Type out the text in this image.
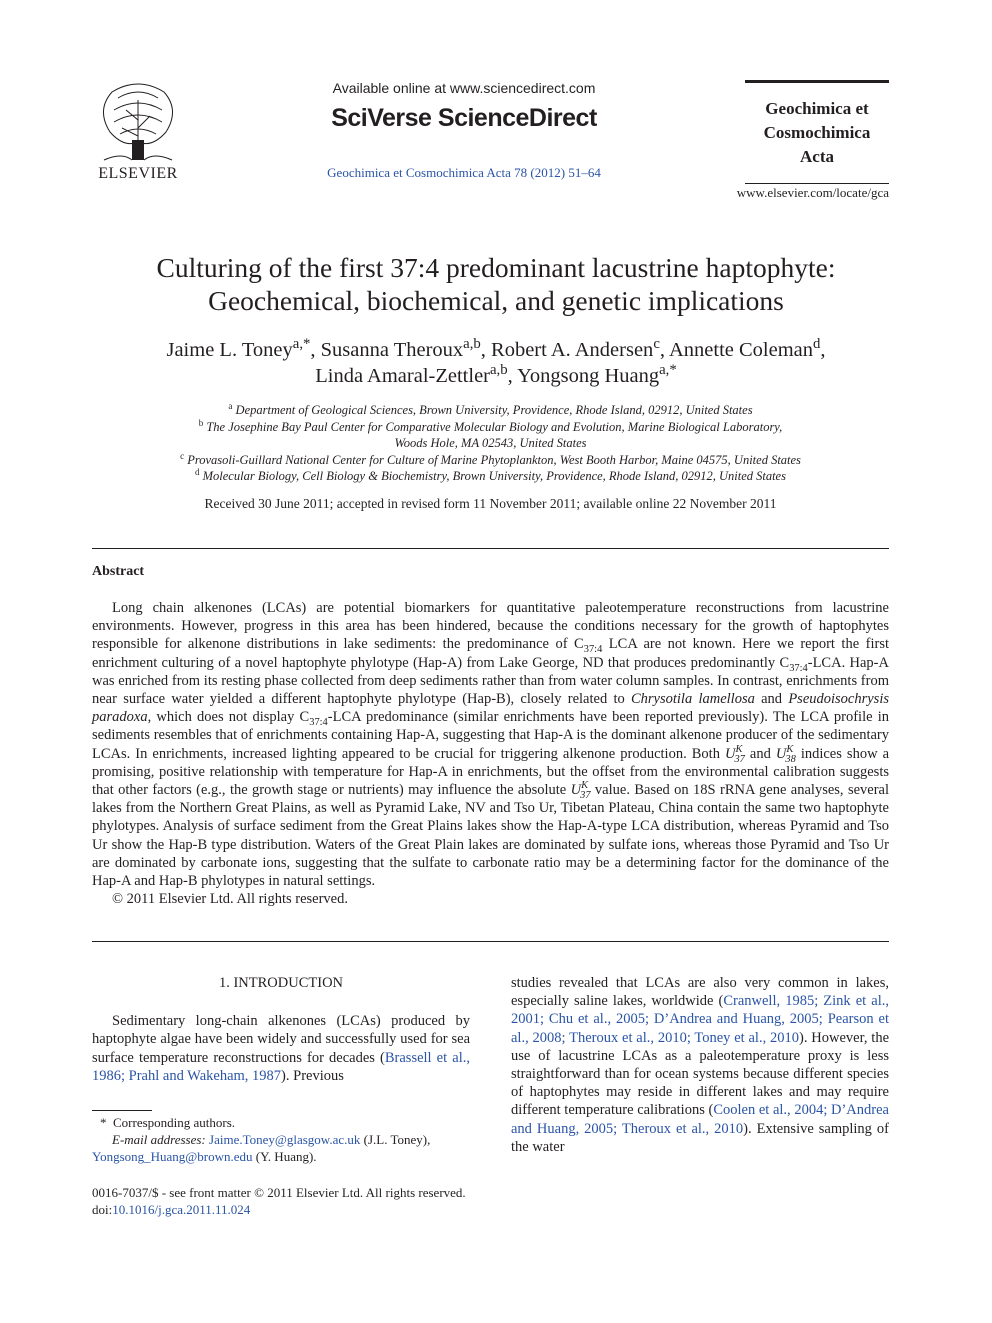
ELSEVIER
Available online at www.sciencedirect.com
SciVerse ScienceDirect
Geochimica et Cosmochimica Acta 78 (2012) 51–64
Geochimica et
Cosmochimica
Acta
www.elsevier.com/locate/gca
Culturing of the first 37:4 predominant lacustrine haptophyte:
Geochemical, biochemical, and genetic implications
Jaime L. Toney$^{a,*}$, Susanna Theroux$^{a,b}$, Robert A. Andersen$^c$, Annette Coleman$^d$,
Linda Amaral-Zettler$^{a,b}$, Yongsong Huang$^{a,*}$
$^a$ Department of Geological Sciences, Brown University, Providence, Rhode Island, 02912, United States
$^b$ The Josephine Bay Paul Center for Comparative Molecular Biology and Evolution, Marine Biological Laboratory,
Woods Hole, MA 02543, United States
$^c$ Provasoli-Guillard National Center for Culture of Marine Phytoplankton, West Booth Harbor, Maine 04575, United States
$^d$ Molecular Biology, Cell Biology & Biochemistry, Brown University, Providence, Rhode Island, 02912, United States
Received 30 June 2011; accepted in revised form 11 November 2011; available online 22 November 2011
Abstract

Long chain alkenones (LCAs) are potential biomarkers for quantitative paleotemperature reconstructions from lacustrine environments. However, progress in this area has been hindered, because the conditions necessary for the growth of haptophytes responsible for alkenone distributions in lake sediments: the predominance of $C_{37:4}$ LCA are not known. Here we report the first enrichment culturing of a novel haptophyte phylotype (Hap-A) from Lake George, ND that produces predominantly $C_{37:4}$-LCA. Hap-A was enriched from its resting phase collected from deep sediments rather than from water column samples. In contrast, enrichments from near surface water yielded a different haptophyte phylotype (Hap-B), closely related to Chrysotila lamellosa and Pseudoisochrysis paradoxa, which does not display $C_{37:4}$-LCA predominance (similar enrichments have been reported previously). The LCA profile in sediments resembles that of enrichments containing Hap-A, suggesting that Hap-A is the dominant alkenone producer of the sedimentary LCAs. In enrichments, increased lighting appeared to be crucial for triggering alkenone production. Both $U^K_{37}$ and $U^K_{38}$ indices show a promising, positive relationship with temperature for Hap-A in enrichments, but the offset from the environmental calibration suggests that other factors (e.g., the growth stage or nutrients) may influence the absolute $U^K_{37}$ value. Based on 18S rRNA gene analyses, several lakes from the Northern Great Plains, as well as Pyramid Lake, NV and Tso Ur, Tibetan Plateau, China contain the same two haptophyte phylotypes. Analysis of surface sediment from the Great Plains lakes show the Hap-A-type LCA distribution, whereas Pyramid and Tso Ur show the Hap-B type distribution. Waters of the Great Plain lakes are dominated by sulfate ions, whereas those Pyramid and Tso Ur are dominated by carbonate ions, suggesting that the sulfate to carbonate ratio may be a determining factor for the dominance of the Hap-A and Hap-B phylotypes in natural settings.

© 2011 Elsevier Ltd. All rights reserved.

1. INTRODUCTION

Sedimentary long-chain alkenones (LCAs) produced by haptophyte algae have been widely and successfully used for sea surface temperature reconstructions for decades (Brassell et al., 1986; Prahl and Wakeham, 1987). Previous

studies revealed that LCAs are also very common in lakes, especially saline lakes, worldwide (Cranwell, 1985; Zink et al., 2001; Chu et al., 2005; D’Andrea and Huang, 2005; Pearson et al., 2008; Theroux et al., 2010; Toney et al., 2010). However, the use of lacustrine LCAs as a paleotemperature proxy is less straightforward than for ocean systems because different species of haptophytes may reside in different lakes and may require different temperature calibrations (Coolen et al., 2004; D’Andrea and Huang, 2005; Theroux et al., 2010). Extensive sampling of the water

* Corresponding authors.
E-mail addresses: Jaime.Toney@glasgow.ac.uk (J.L. Toney),
Yongsong_Huang@brown.edu (Y. Huang).
0016-7037/$ - see front matter © 2011 Elsevier Ltd. All rights reserved.
doi:10.1016/j.gca.2011.11.024
